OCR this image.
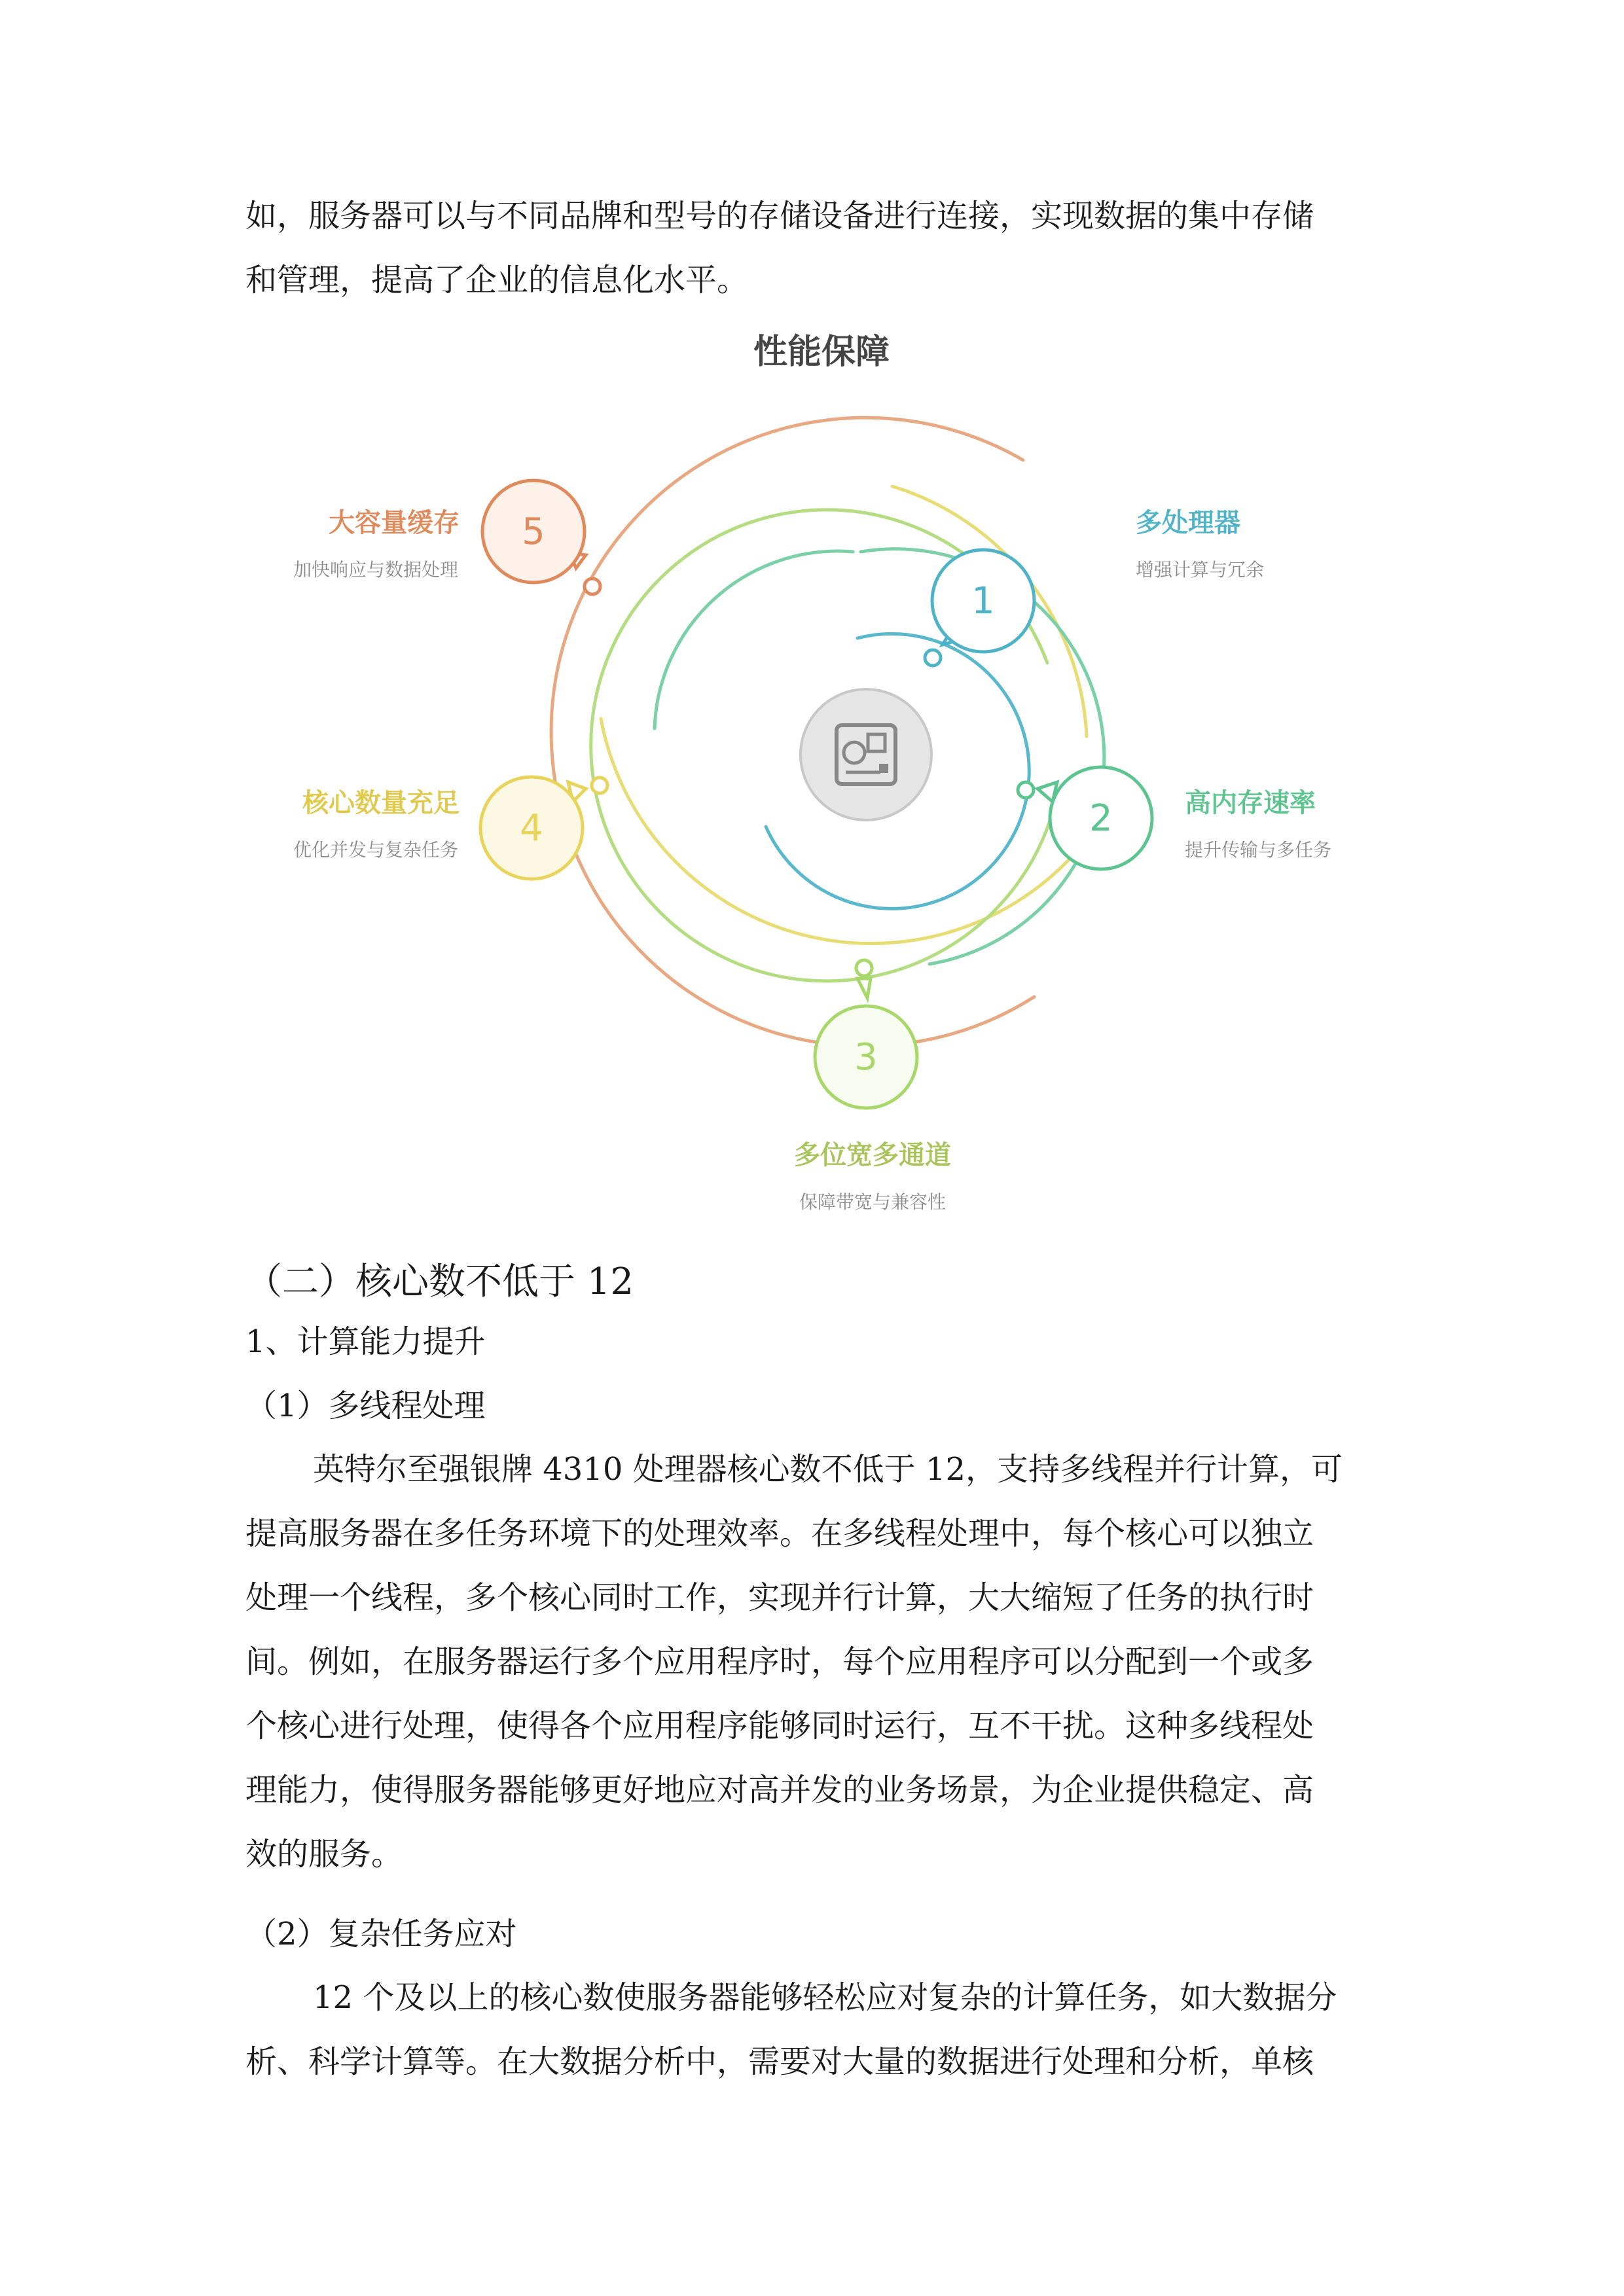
如，服务器可以与不同品牌和型号的存储设备进行连接，实现数据的集中存储
和管理，提高了企业的信息化水平。
性能保障
1
2
3
4
5	多处理器
增强计算与冗余
高内存速率
提升传输与多任务
多位宽多通道
保障带宽与兼容性
核心数量充足
优化并发与复杂任务
大容量缓存
加快响应与数据处理
（二）核心数不低于 12
1、计算能力提升
（1）多线程处理
英特尔至强银牌 4310 处理器核心数不低于 12，支持多线程并行计算，可
提高服务器在多任务环境下的处理效率。在多线程处理中，每个核心可以独立
处理一个线程，多个核心同时工作，实现并行计算，大大缩短了任务的执行时
间。例如，在服务器运行多个应用程序时，每个应用程序可以分配到一个或多
个核心进行处理，使得各个应用程序能够同时运行，互不干扰。这种多线程处
理能力，使得服务器能够更好地应对高并发的业务场景，为企业提供稳定、高
效的服务。
（2）复杂任务应对
12 个及以上的核心数使服务器能够轻松应对复杂的计算任务，如大数据分
析、科学计算等。在大数据分析中，需要对大量的数据进行处理和分析，单核
